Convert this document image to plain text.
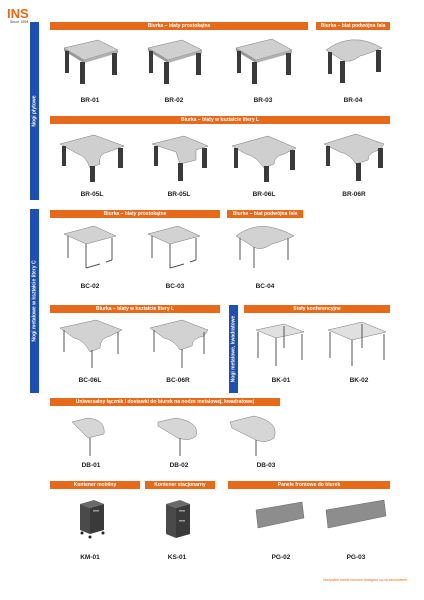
INS
Since 1994
Nogi płytowe
Nogi metalowe w kształcie litery C
Nogi metalowe, kwadratowe
Biurka – blaty prostokątne	Biurka – blat podwójna fala
Biurka – blaty w kształcie litery L
Biurka – blaty prostokątne	Biurka – blat podwójna fala
Biurka – blaty w kształcie litery L	Stoły konferencyjne
Uniwersalny łącznik i dostawki do biurek na nodze metalowej, kwadratowej
Kontener mobilny	Kontener stacjonarny	Panele frontowe do biurek
BR-01	BR-02	BR-03	BR-04
BR-05L	BR-05L	BR-06L	BR-06R
BC-02	BC-03	BC-04
BC-06L	BC-06R	BK-01	BK-02
DB-01	DB-02	DB-03
KM-01	KS-01	PG-02	PG-03
Wszystkie meble biurowe dostępne są na zamówienie.
